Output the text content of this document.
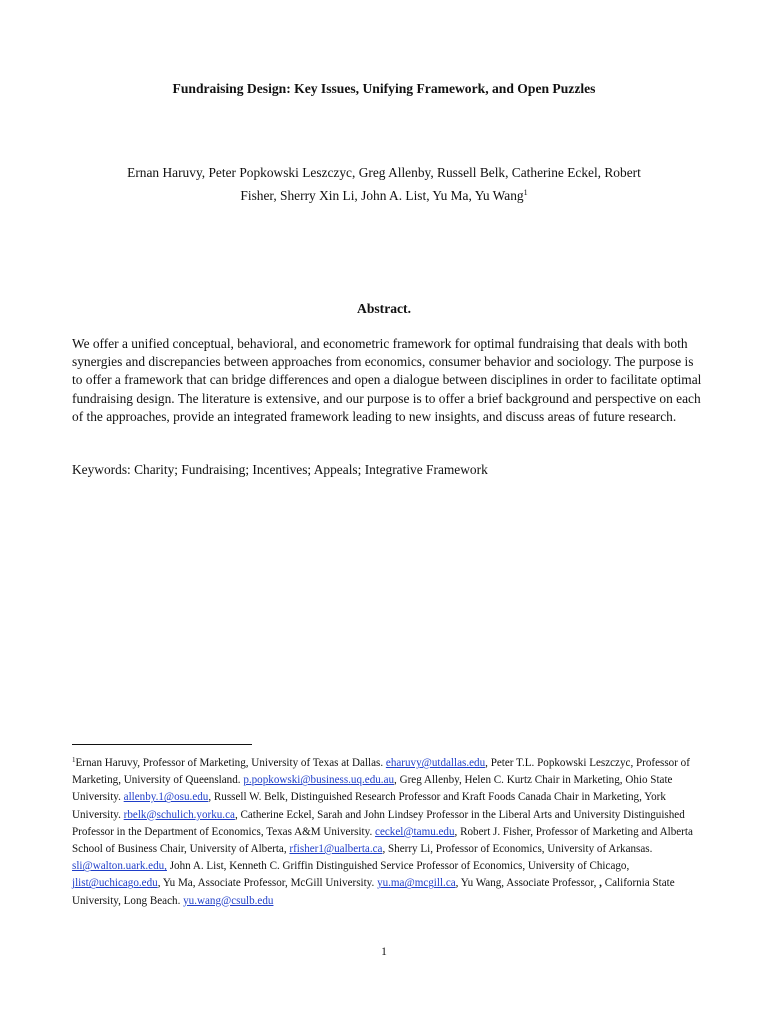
Fundraising Design: Key Issues, Unifying Framework, and Open Puzzles
Ernan Haruvy, Peter Popkowski Leszczyc, Greg Allenby, Russell Belk, Catherine Eckel, Robert
Fisher, Sherry Xin Li, John A. List, Yu Ma, Yu Wang$^1$
Abstract.

We offer a unified conceptual, behavioral, and econometric framework for optimal fundraising that deals with both synergies and discrepancies between approaches from economics, consumer behavior and sociology. The purpose is to offer a framework that can bridge differences and open a dialogue between disciplines in order to facilitate optimal fundraising design. The literature is extensive, and our purpose is to offer a brief background and perspective on each of the approaches, provide an integrated framework leading to new insights, and discuss areas of future research.

Keywords: Charity; Fundraising; Incentives; Appeals; Integrative Framework

$^1$Ernan Haruvy, Professor of Marketing, University of Texas at Dallas. eharuvy@utdallas.edu, Peter T.L. Popkowski Leszczyc, Professor of Marketing, University of Queensland. p.popkowski@business.uq.edu.au, Greg Allenby, Helen C. Kurtz Chair in Marketing, Ohio State University. allenby.1@osu.edu, Russell W. Belk, Distinguished Research Professor and Kraft Foods Canada Chair in Marketing, York University. rbelk@schulich.yorku.ca, Catherine Eckel, Sarah and John Lindsey Professor in the Liberal Arts and University Distinguished Professor in the Department of Economics, Texas A&M University. ceckel@tamu.edu, Robert J. Fisher, Professor of Marketing and Alberta School of Business Chair, University of Alberta, rfisher1@ualberta.ca, Sherry Li, Professor of Economics, University of Arkansas. sli@walton.uark.edu, John A. List, Kenneth C. Griffin Distinguished Service Professor of Economics, University of Chicago, jlist@uchicago.edu, Yu Ma, Associate Professor, McGill University. yu.ma@mcgill.ca, Yu Wang, Associate Professor, , California State University, Long Beach. yu.wang@csulb.edu

1
